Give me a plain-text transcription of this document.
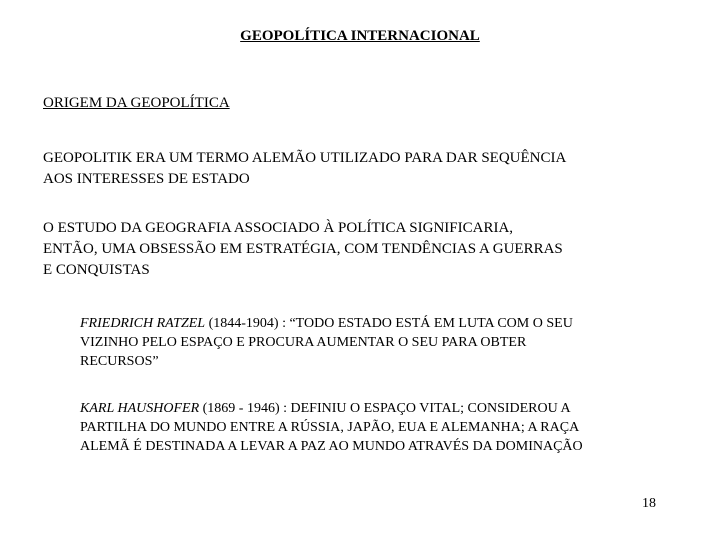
GEOPOLÍTICA INTERNACIONAL
ORIGEM DA GEOPOLÍTICA
GEOPOLITIK ERA UM TERMO ALEMÃO UTILIZADO PARA DAR SEQUÊNCIA
AOS INTERESSES DE ESTADO
O ESTUDO DA GEOGRAFIA ASSOCIADO À POLÍTICA SIGNIFICARIA,
ENTÃO, UMA OBSESSÃO EM ESTRATÉGIA, COM TENDÊNCIAS A GUERRAS
E CONQUISTAS
FRIEDRICH RATZEL (1844-1904) : “TODO ESTADO ESTÁ EM LUTA COM O SEU
VIZINHO PELO ESPAÇO E PROCURA AUMENTAR O SEU PARA OBTER
RECURSOS”
KARL HAUSHOFER (1869 - 1946) : DEFINIU O ESPAÇO VITAL; CONSIDEROU A
PARTILHA DO MUNDO ENTRE A RÚSSIA, JAPÃO, EUA E ALEMANHA; A RAÇA
ALEMÃ É DESTINADA A LEVAR A PAZ AO MUNDO ATRAVÉS DA DOMINAÇÃO
18
